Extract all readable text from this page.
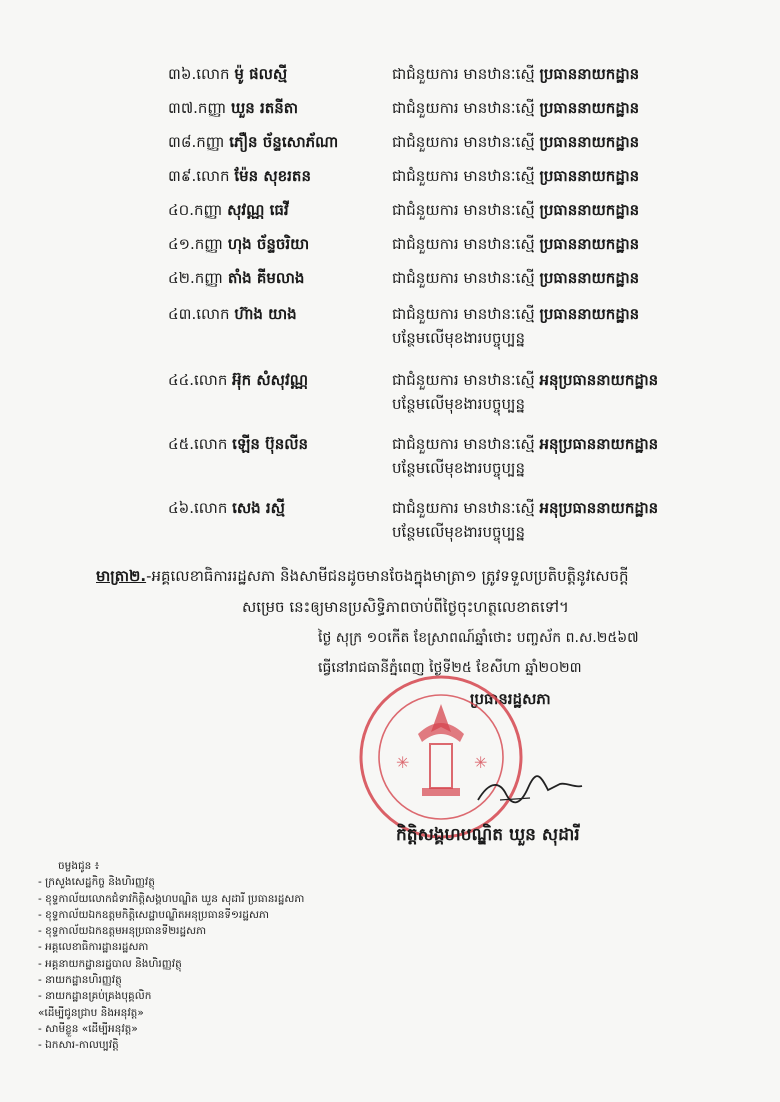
៣៦.លោក ម៉ូ ផលស្មី	ជាជំនួយការ មានឋានៈស្មើ ប្រធាននាយកដ្ឋាន
៣៧.កញ្ញា ឃួន រតនីតា	ជាជំនួយការ មានឋានៈស្មើ ប្រធាននាយកដ្ឋាន
៣៨.កញ្ញា ភឿន ច័ន្ទសោភ័ណា	ជាជំនួយការ មានឋានៈស្មើ ប្រធាននាយកដ្ឋាន
៣៩.លោក ម៉ែន សុខរតន	ជាជំនួយការ មានឋានៈស្មើ ប្រធាននាយកដ្ឋាន
៤០.កញ្ញា សុវណ្ណ ធេវី	ជាជំនួយការ មានឋានៈស្មើ ប្រធាននាយកដ្ឋាន
៤១.កញ្ញា ហុង ច័ន្ទចរិយា	ជាជំនួយការ មានឋានៈស្មើ ប្រធាននាយកដ្ឋាន
៤២.កញ្ញា តាំង គីមលាង	ជាជំនួយការ មានឋានៈស្មើ ប្រធាននាយកដ្ឋាន
៤៣.លោក ហ៊ាង យាង	ជាជំនួយការ មានឋានៈស្មើ ប្រធាននាយកដ្ឋាន
បន្ថែមលើមុខងារបច្ចុប្បន្ន
៤៤.លោក អ៊ុក សំសុវណ្ណ	ជាជំនួយការ មានឋានៈស្មើ អនុប្រធាននាយកដ្ឋាន
បន្ថែមលើមុខងារបច្ចុប្បន្ន
៤៥.លោក ឡើន ប៊ុនលីន	ជាជំនួយការ មានឋានៈស្មើ អនុប្រធាននាយកដ្ឋាន
បន្ថែមលើមុខងារបច្ចុប្បន្ន
៤៦.លោក សេង រស្មី	ជាជំនួយការ មានឋានៈស្មើ អនុប្រធាននាយកដ្ឋាន
បន្ថែមលើមុខងារបច្ចុប្បន្ន
មាត្រា២.-អគ្គលេខាធិការរដ្ឋសភា និងសាមីជនដូចមានចែងក្នុងមាត្រា១ ត្រូវទទួលប្រតិបត្តិនូវសេចក្តី
សម្រេច នេះឲ្យមានប្រសិទ្ធិភាពចាប់ពីថ្ងៃចុះហត្ថលេខាតទៅ។
ថ្ងៃ សុក្រ ១០កើត ខែស្រាពណ៍ឆ្នាំថោះ បញ្ចស័ក ព.ស.២៥៦៧
ធ្វើនៅរាជធានីភ្នំពេញ ថ្ងៃទី២៥ ខែសីហា ឆ្នាំ២០២៣
ប្រធានរដ្ឋសភា
✳	✳
កិត្តិសង្គហបណ្ឌិត ឃួន សុដារី
ចម្លងជូន ៖
- ក្រសួងសេដ្ឋកិច្ច និងហិរញ្ញវត្ថុ
- ខុទ្ទកាល័យលោកជំទាវកិត្តិសង្គហបណ្ឌិត ឃួន សុដារី ប្រធានរដ្ឋសភា
- ខុទ្ទកាល័យឯកឧត្តមកិត្តិសេដ្ឋាបណ្ឌិតអនុប្រធានទី១រដ្ឋសភា
- ខុទ្ទកាល័យឯកឧត្តមអនុប្រធានទី២រដ្ឋសភា
- អគ្គលេខាធិការដ្ឋានរដ្ឋសភា
- អគ្គនាយកដ្ឋានរដ្ឋបាល និងហិរញ្ញវត្ថុ
- នាយកដ្ឋានហិរញ្ញវត្ថុ
- នាយកដ្ឋានគ្រប់គ្រងបុគ្គលិក
«ដើម្បីជូនជ្រាប និងអនុវត្ត»
- សាមីខ្លួន «ដើម្បីអនុវត្ត»
- ឯកសារ-កាលប្បវត្តិ
